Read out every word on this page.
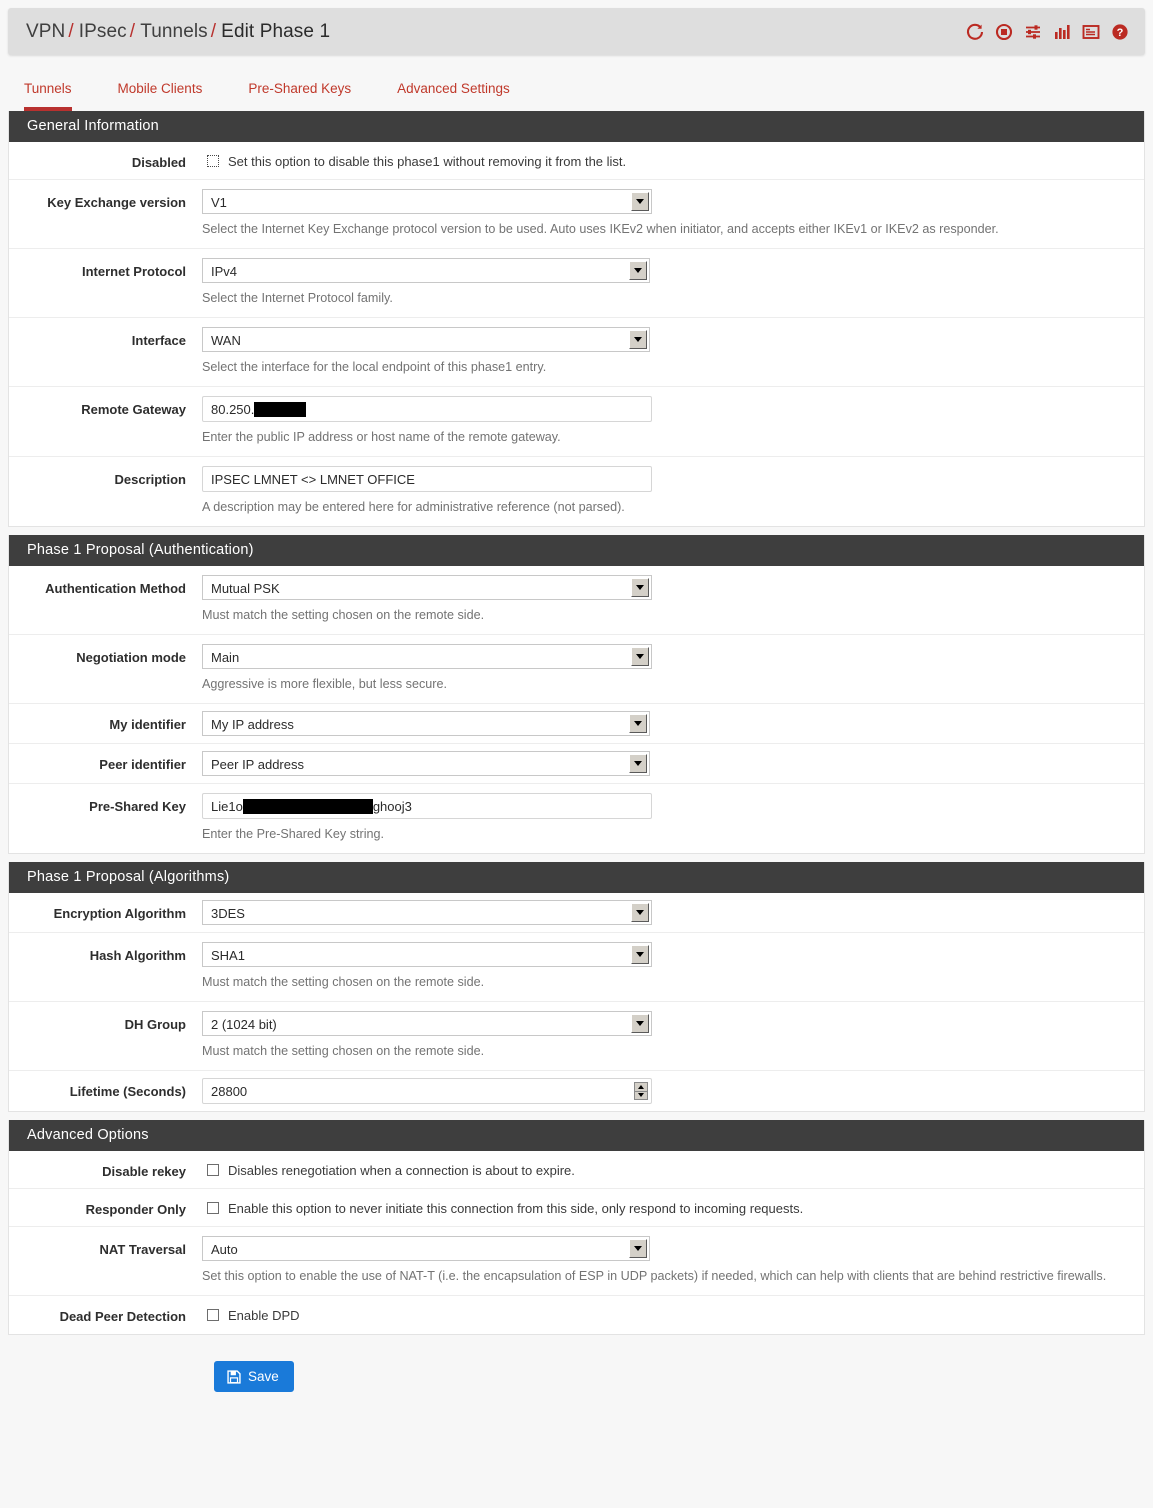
VPN / IPsec / Tunnels / Edit Phase 1	?
Tunnels	Mobile Clients	Pre-Shared Keys	Advanced Settings
General Information
Disabled	Set this option to disable this phase1 without removing it from the list.
Key Exchange version	V1
Select the Internet Key Exchange protocol version to be used. Auto uses IKEv2 when initiator, and accepts either IKEv1 or IKEv2 as responder.
Internet Protocol	IPv4
Select the Internet Protocol family.
Interface	WAN
Select the interface for the local endpoint of this phase1 entry.
Remote Gateway	80.250.
Enter the public IP address or host name of the remote gateway.
Description	IPSEC LMNET <> LMNET OFFICE
A description may be entered here for administrative reference (not parsed).
Phase 1 Proposal (Authentication)
Authentication Method	Mutual PSK
Must match the setting chosen on the remote side.
Negotiation mode	Main
Aggressive is more flexible, but less secure.
My identifier	My IP address
Peer identifier	Peer IP address
Pre-Shared Key	Lie1o	ghooj3
Enter the Pre-Shared Key string.
Phase 1 Proposal (Algorithms)
Encryption Algorithm	3DES
Hash Algorithm	SHA1
Must match the setting chosen on the remote side.
DH Group	2 (1024 bit)
Must match the setting chosen on the remote side.
Lifetime (Seconds)	28800
Advanced Options
Disable rekey	Disables renegotiation when a connection is about to expire.
Responder Only	Enable this option to never initiate this connection from this side, only respond to incoming requests.
NAT Traversal	Auto
Set this option to enable the use of NAT-T (i.e. the encapsulation of ESP in UDP packets) if needed, which can help with clients that are behind restrictive firewalls.
Dead Peer Detection	Enable DPD
Save
